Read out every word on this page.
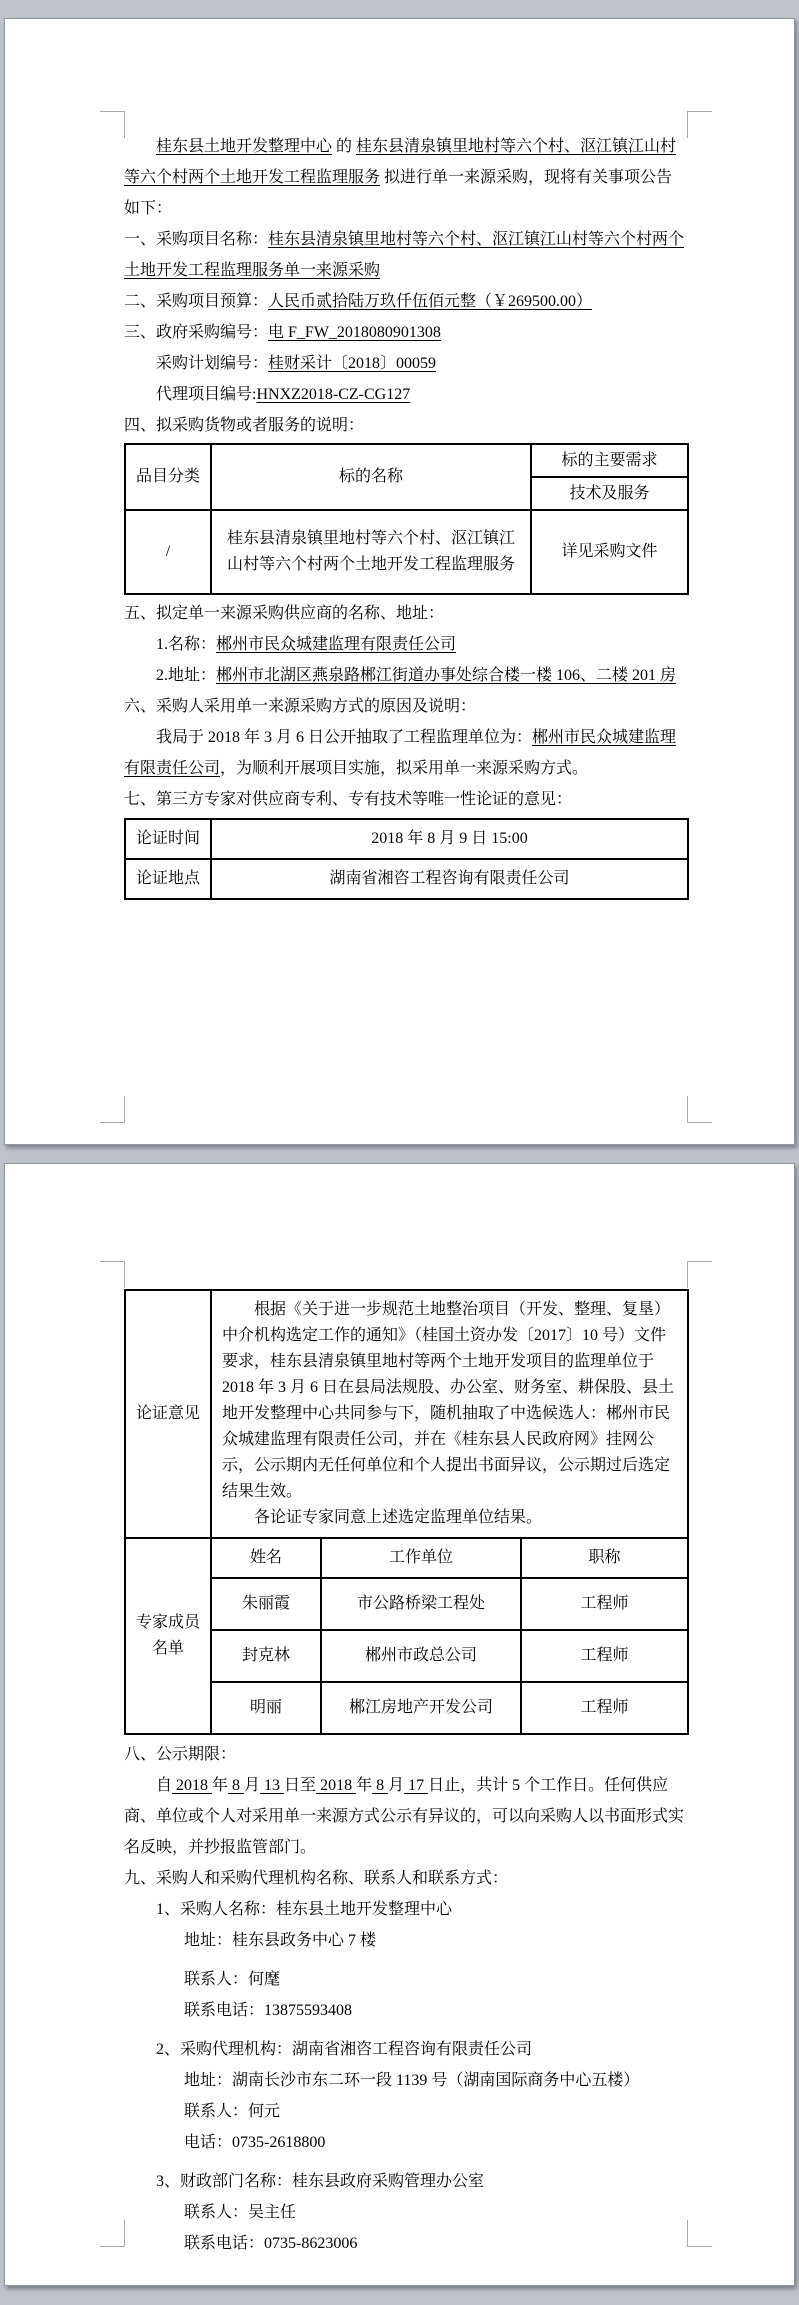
桂东县土地开发整理中心 的 桂东县清泉镇里地村等六个村、沤江镇江山村等六个村两个土地开发工程监理服务 拟进行单一来源采购，现将有关事项公告如下：

一、采购项目名称：桂东县清泉镇里地村等六个村、沤江镇江山村等六个村两个土地开发工程监理服务单一来源采购

二、采购项目预算：人民币贰拾陆万玖仟伍佰元整（￥269500.00）

三、政府采购编号：电 F_FW_2018080901308

采购计划编号：桂财采计〔2018〕00059

代理项目编号:HNXZ2018-CZ-CG127

四、拟采购货物或者服务的说明：

品目分类	标的名称	标的主要需求
		技术及服务
/	桂东县清泉镇里地村等六个村、沤江镇江山村等六个村两个土地开发工程监理服务	详见采购文件

五、拟定单一来源采购供应商的名称、地址：

1.名称：郴州市民众城建监理有限责任公司

2.地址：郴州市北湖区燕泉路郴江街道办事处综合楼一楼 106、二楼 201 房

六、采购人采用单一来源采购方式的原因及说明：

我局于 2018 年 3 月 6 日公开抽取了工程监理单位为：郴州市民众城建监理有限责任公司，为顺利开展项目实施，拟采用单一来源采购方式。

七、第三方专家对供应商专利、专有技术等唯一性论证的意见：

论证时间	2018 年 8 月 9 日 15:00
论证地点	湖南省湘咨工程咨询有限责任公司
论证意见	根据《关于进一步规范土地整治项目（开发、整理、复垦）中介机构选定工作的通知》（桂国土资办发〔2017〕10 号）文件要求，桂东县清泉镇里地村等两个土地开发项目的监理单位于 2018 年 3 月 6 日在县局法规股、办公室、财务室、耕保股、县土地开发整理中心共同参与下，随机抽取了中选候选人：郴州市民众城建监理有限责任公司，并在《桂东县人民政府网》挂网公示，公示期内无任何单位和个人提出书面异议，公示期过后选定结果生效。

各论证专家同意上述选定监理单位结果。		

专家成员名单	姓名	工作单位	职称
	朱丽霞	市公路桥梁工程处	工程师
	封克林	郴州市政总公司	工程师
	明丽	郴江房地产开发公司	工程师

八、公示期限：

自 2018 年 8 月 13 日至 2018 年 8 月 17 日止，共计 5 个工作日。任何供应商、单位或个人对采用单一来源方式公示有异议的，可以向采购人以书面形式实名反映，并抄报监管部门。

九、采购人和采购代理机构名称、联系人和联系方式：

1、采购人名称：桂东县土地开发整理中心

地址：桂东县政务中心 7 楼

联系人：何麾

联系电话：13875593408

2、采购代理机构：湖南省湘咨工程咨询有限责任公司

地址：湖南长沙市东二环一段 1139 号（湖南国际商务中心五楼）

联系人：何元

电话：0735-2618800

3、财政部门名称：桂东县政府采购管理办公室

联系人：吴主任

联系电话：0735-8623006
